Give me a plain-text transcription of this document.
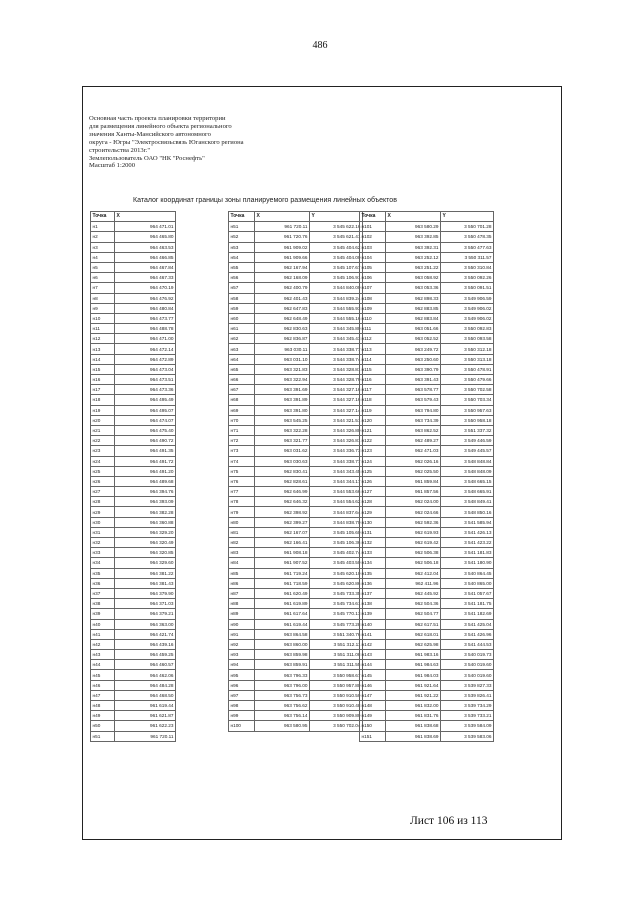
486
Основная часть проекта планировки территории
для размещения линейного объекта регионального
значения Ханты-Мансийского автономного
округа - Югры "Электросвязьсвязь Юганского региона
строительства 2013г."
Землепользователь ОАО "НК "Роснефть"
Масштаб 1:2000
Каталог координат границы зоны планируемого размещения линейных объектов
Точка	X
н1	964 471.01
н2	964 465.80
н3	964 463.53
н4	964 466.85
н5	964 467.84
н6	964 467.33
н7	964 470.19
н8	964 476.92
н9	964 480.84
н10	964 473.77
н11	964 488.78
н12	964 471.00
н13	964 472.14
н14	964 472.89
н15	964 473.04
н16	964 473.51
н17	964 473.36
н18	964 495.49
н19	964 495.07
н20	964 474.07
н21	964 475.40
н22	964 490.72
н23	964 491.35
н24	964 491.72
н25	964 491.20
н26	964 489.68
н27	964 394.76
н28	964 393.09
н29	964 382.28
н30	964 360.88
н31	964 329.20
н32	964 320.49
н33	964 320.85
н34	964 329.60
н35	964 381.22
н36	964 381.43
н37	964 379.90
н38	964 371.03
н39	964 379.21
н40	964 363.00
н41	964 421.74
н42	964 439.16
н43	964 459.25
н44	964 460.57
н45	964 462.06
н46	964 484.28
н47	964 468.50
н48	961 619.44
н49	961 621.87
н50	961 622.23
н51	961 720.11
Точка	X	Y
н51	961 720.11	3 545 622.16
н52	961 720.76	3 545 621.41
н53	961 909.02	3 545 404.62
н54	961 909.66	3 545 404.00
н55	962 167.94	3 545 107.67
н56	962 168.09	3 545 106.91
н57	962 400.79	3 544 840.00
н58	962 401.43	3 544 839.24
н59	962 647.83	3 544 555.93
н60	962 648.49	3 544 555.16
н61	962 830.63	3 544 345.80
н62	962 836.87	3 544 345.43
н63	963 030.11	3 544 338.77
н64	963 031.10	3 544 338.74
н65	963 321.83	3 544 328.81
н66	963 322.94	3 544 328.79
н67	963 391.69	3 544 327.16
н68	963 391.89	3 544 327.16
н69	963 391.80	3 544 327.14
н70	963 545.25	3 544 321.51
н71	963 322.28	3 544 326.80
н72	963 321.77	3 544 326.81
н73	963 031.62	3 544 336.73
н74	963 030.63	3 544 338.77
н75	962 830.41	3 544 343.45
н76	962 828.61	3 544 344.17
н77	962 646.99	3 544 553.66
н78	962 646.32	3 544 554.62
н79	962 398.92	3 544 837.64
н80	962 399.27	3 544 838.70
н81	962 167.07	3 545 105.60
н82	962 166.41	3 545 106.36
н83	961 908.18	3 545 402.74
н84	961 907.52	3 545 403.50
н85	961 719.24	3 545 620.10
н86	961 718.59	3 545 620.86
н87	961 620.49	3 545 733.35
н88	961 619.89	3 545 734.61
н89	961 617.64	3 545 770.13
н90	961 619.44	3 545 773.28
н91	963 864.58	3 551 340.76
н92	963 860.00	3 551 312.11
н93	963 859.98	3 551 311.08
н94	963 859.91	3 551 311.55
н95	963 796.33	3 550 958.67
н96	963 796.00	3 550 957.80
н97	963 756.73	3 550 910.59
н98	963 756.62	3 550 910.48
н99	963 756.14	3 550 909.89
н100	963 580.95	3 550 702.04
Точка	X	Y
н101	963 580.29	3 550 701.28
н102	963 392.85	3 550 478.35
н103	963 392.31	3 550 477.63
н104	963 252.12	3 550 311.57
н105	963 251.22	3 550 310.84
н106	963 058.92	3 550 092.26
н107	963 053.36	3 550 091.51
н108	962 898.33	3 549 906.59
н109	962 883.85	3 549 906.02
н110	962 883.84	3 549 906.02
н111	963 051.66	3 550 092.83
н112	963 052.52	3 550 093.58
н113	963 249.72	3 550 312.18
н114	963 250.60	3 550 313.18
н115	963 390.79	3 550 478.91
н116	963 391.43	3 550 479.66
н117	963 578.77	3 550 702.58
н118	963 579.43	3 550 703.34
н119	963 794.80	3 550 957.63
н120	963 734.39	3 550 958.18
н121	963 862.52	3 551 337.32
н122	962 489.27	3 549 446.59
н123	962 471.03	3 549 445.57
н124	962 026.16	3 548 848.84
н125	962 025.50	3 548 848.09
н126	961 859.84	3 548 665.15
н127	961 857.56	3 548 665.91
н128	962 024.00	3 548 849.41
н129	962 024.66	3 548 850.16
н130	962 592.36	3 541 585.94
н131	962 619.93	3 541 426.13
н132	962 619.42	3 541 423.22
н133	962 506.38	3 541 181.83
н134	962 506.18	3 541 180.90
н135	962 412.04	3 540 864.45
н136	962 411.96	3 540 865.00
н137	962 445.92	3 541 057.67
н138	962 504.36	3 541 181.75
н139	962 504.77	3 541 182.69
н140	962 617.51	3 541 425.04
н141	962 618.01	3 541 426.96
н142	962 625.98	3 541 444.53
н143	961 983.16	3 540 019.73
н144	961 984.63	3 540 019.60
н145	961 984.03	3 540 019.60
н146	961 921.64	3 539 827.33
н147	961 921.22	3 539 826.41
н148	961 832.00	3 539 734.29
н149	961 831.76	3 539 733.21
н150	961 838.68	3 539 584.09
н151	961 838.69	3 539 583.06
Лист 106 из 113
